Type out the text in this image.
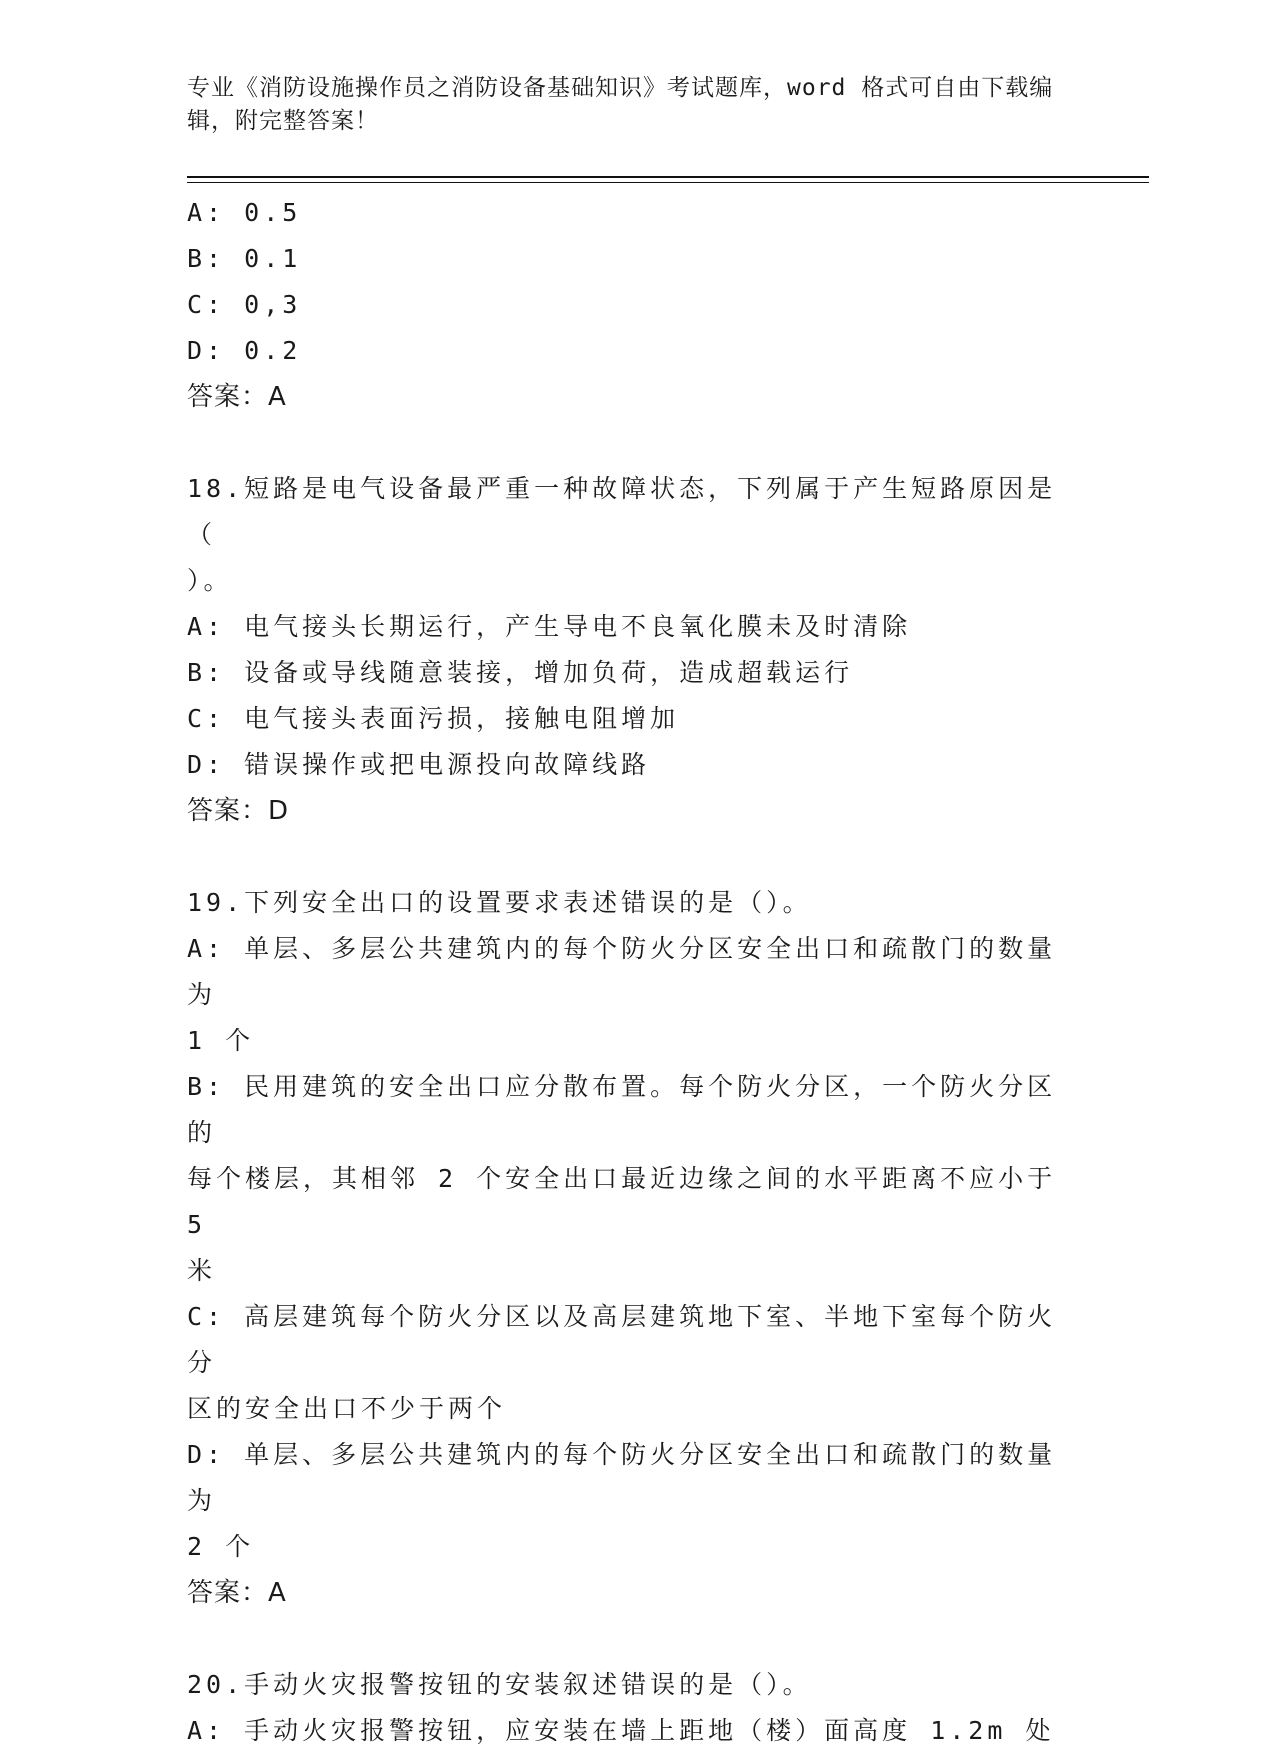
专业《消防设施操作员之消防设备基础知识》考试题库，word 格式可自由下载编
辑，附完整答案！
A: 0.5
B: 0.1
C: 0,3
D: 0.2
答案：A
18.短路是电气设备最严重一种故障状态，下列属于产生短路原因是（
）。
A: 电气接头长期运行，产生导电不良氧化膜未及时清除
B: 设备或导线随意装接，增加负荷，造成超载运行
C: 电气接头表面污损，接触电阻增加
D: 错误操作或把电源投向故障线路
答案：D
19.下列安全出口的设置要求表述错误的是（）。
A: 单层、多层公共建筑内的每个防火分区安全出口和疏散门的数量为
1 个
B: 民用建筑的安全出口应分散布置。每个防火分区，一个防火分区的
每个楼层，其相邻 2 个安全出口最近边缘之间的水平距离不应小于 5
米
C: 高层建筑每个防火分区以及高层建筑地下室、半地下室每个防火分
区的安全出口不少于两个
D: 单层、多层公共建筑内的每个防火分区安全出口和疏散门的数量为
2 个
答案：A
20.手动火灾报警按钮的安装叙述错误的是（）。
A: 手动火灾报警按钮，应安装在墙上距地（楼）面高度 1.2m 处
